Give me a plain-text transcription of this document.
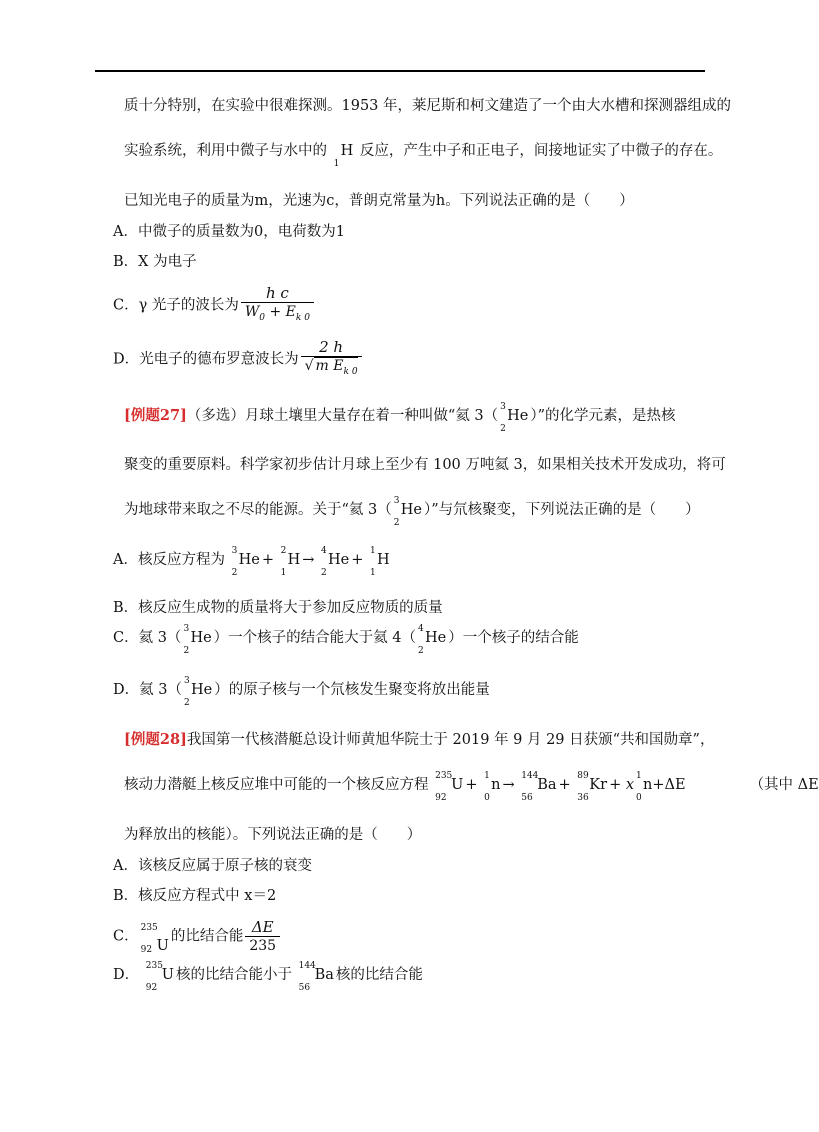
质十分特别，在实验中很难探测。1953 年，莱尼斯和柯文建造了一个由大水槽和探测器组成的
实验系统，利用中微子与水中的
1
H 反应，产生中子和正电子，间接地证实了中微子的存在。
已知光电子的质量为m，光速为c，普朗克常量为h。下列说法正确的是（　　）
A．中微子的质量数为0，电荷数为1
B．X 为电子
C．γ 光子的波长为 $\frac{\text{h c}}{W_0 + E_{k 0}}$
D．光电子的德布罗意波长为 $\frac{2 h}{√ m E_{k 0}}$
[例题27]（多选）月球土壤里大量存在着一种叫做“氦 3（
3
2
He ）”的化学元素，是热核
聚变的重要原料。科学家初步估计月球上至少有 100 万吨氦 3，如果相关技术开发成功，将可
为地球带来取之不尽的能源。关于“氦 3（
3
2
He ）”与氘核聚变，下列说法正确的是（　　）
A．核反应方程为
3
2
He +
2
1
H →
4
2
He +
1
1
H
B．核反应生成物的质量将大于参加反应物质的质量
C．氦 3（
3
2
He ）一个核子的结合能大于氦 4（
4
2
He ）一个核子的结合能
D．氦 3（
3
2
He ）的原子核与一个氘核发生聚变将放出能量
[例题28]我国第一代核潜艇总设计师黄旭华院士于 2019 年 9 月 29 日获颁“共和国勋章”，
核动力潜艇上核反应堆中可能的一个核反应方程
235
92
U +
1
0
n →
144
56
Ba +
89
36
Kr + x
1
0
n+ΔE	（其中 ΔE
为释放出的核能）。下列说法正确的是（　　）
A．该核反应属于原子核的衰变
B．核反应方程式中 x＝2
C．
235
92 U的比结合能 $\frac{\Delta E}{235}$
D．
235
92
U 核的比结合能小于
144
56
Ba 核的比结合能
